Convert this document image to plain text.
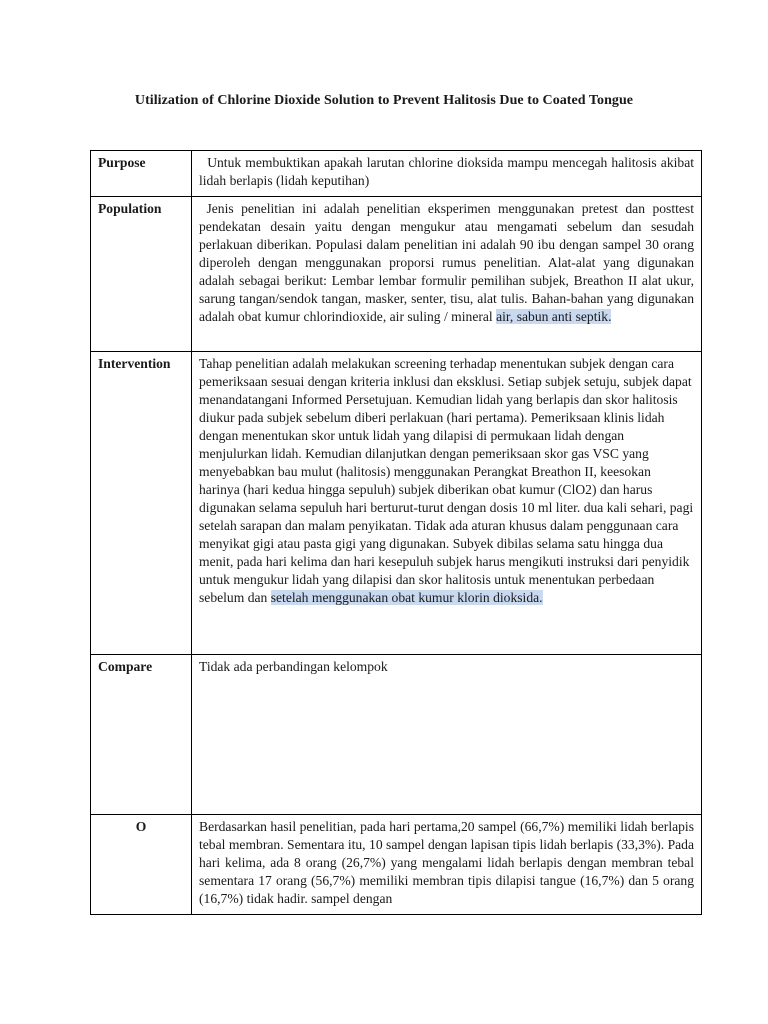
Utilization of Chlorine Dioxide Solution to Prevent Halitosis Due to Coated Tongue
Purpose	Untuk membuktikan apakah larutan chlorine dioksida mampu mencegah halitosis akibat lidah berlapis (lidah keputihan)
Population	Jenis penelitian ini adalah penelitian eksperimen menggunakan pretest dan posttest pendekatan desain yaitu dengan mengukur atau mengamati sebelum dan sesudah perlakuan diberikan. Populasi dalam penelitian ini adalah 90 ibu dengan sampel 30 orang diperoleh dengan menggunakan proporsi rumus penelitian. Alat-alat yang digunakan adalah sebagai berikut: Lembar lembar formulir pemilihan subjek, Breathon II alat ukur, sarung tangan/sendok tangan, masker, senter, tisu, alat tulis. Bahan-bahan yang digunakan adalah obat kumur chlorindioxide, air suling / mineral air, sabun anti septik.
Intervention	Tahap penelitian adalah melakukan screening terhadap menentukan subjek dengan cara pemeriksaan sesuai dengan kriteria inklusi dan eksklusi. Setiap subjek setuju, subjek dapat menandatangani Informed Persetujuan. Kemudian lidah yang berlapis dan skor halitosis diukur pada subjek sebelum diberi perlakuan (hari pertama). Pemeriksaan klinis lidah dengan menentukan skor untuk lidah yang dilapisi di permukaan lidah dengan menjulurkan lidah. Kemudian dilanjutkan dengan pemeriksaan skor gas VSC yang menyebabkan bau mulut (halitosis) menggunakan Perangkat Breathon II, keesokan harinya (hari kedua hingga sepuluh) subjek diberikan obat kumur (ClO2) dan harus digunakan selama sepuluh hari berturut-turut dengan dosis 10 ml liter. dua kali sehari, pagi setelah sarapan dan malam penyikatan. Tidak ada aturan khusus dalam penggunaan cara menyikat gigi atau pasta gigi yang digunakan. Subyek dibilas selama satu hingga dua menit, pada hari kelima dan hari kesepuluh subjek harus mengikuti instruksi dari penyidik untuk mengukur lidah yang dilapisi dan skor halitosis untuk menentukan perbedaan sebelum dan setelah menggunakan obat kumur klorin dioksida.
Compare	Tidak ada perbandingan kelompok
O	Berdasarkan hasil penelitian, pada hari pertama,20 sampel (66,7%) memiliki lidah berlapis tebal membran. Sementara itu, 10 sampel dengan lapisan tipis lidah berlapis (33,3%). Pada hari kelima, ada 8 orang (26,7%) yang mengalami lidah berlapis dengan membran tebal sementara 17 orang (56,7%) memiliki membran tipis dilapisi tangue (16,7%) dan 5 orang (16,7%) tidak hadir. sampel dengan
